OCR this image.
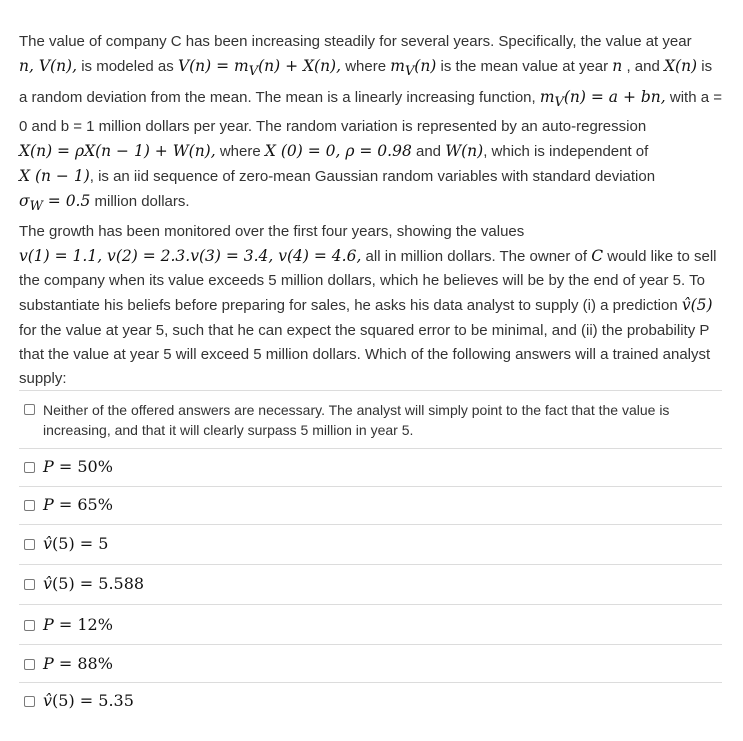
The value of company C has been increasing steadily for several years. Specifically, the value at year n, V(n), is modeled as $V(n) = m_V(n) + X(n)$, where $m_V(n)$ is the mean value at year n , and X(n) is a random deviation from the mean. The mean is a linearly increasing function, $m_V(n) = a$ + bn, with a = 0 and b = 1 million dollars per year. The random variation is represented by an auto-regression X(n) = ρX(n − 1) + W(n), where X (0) = 0, ρ = 0.98 and W(n), which is independent of X (n − 1), is an iid sequence of zero-mean Gaussian random variables with standard deviation $\sigma_W = 0.5$ million dollars.

The growth has been monitored over the first four years, showing the values v(1) = 1.1, v(2) = 2.3.v(3) = 3.4, v(4) = 4.6, all in million dollars. The owner of C would like to sell the company when its value exceeds 5 million dollars, which he believes will be by the end of year 5. To substantiate his beliefs before preparing for sales, he asks his data analyst to supply (i) a prediction v̂(5) for the value at year 5, such that he can expect the squared error to be minimal, and (ii) the probability P that the value at year 5 will exceed 5 million dollars. Which of the following answers will a trained analyst supply:

Neither of the offered answers are necessary. The analyst will simply point to the fact that the value is increasing, and that it will clearly surpass 5 million in year 5.
P = 50%
P = 65%
v̂(5) = 5
v̂(5) = 5.588
P = 12%
P = 88%
v̂(5) = 5.35
